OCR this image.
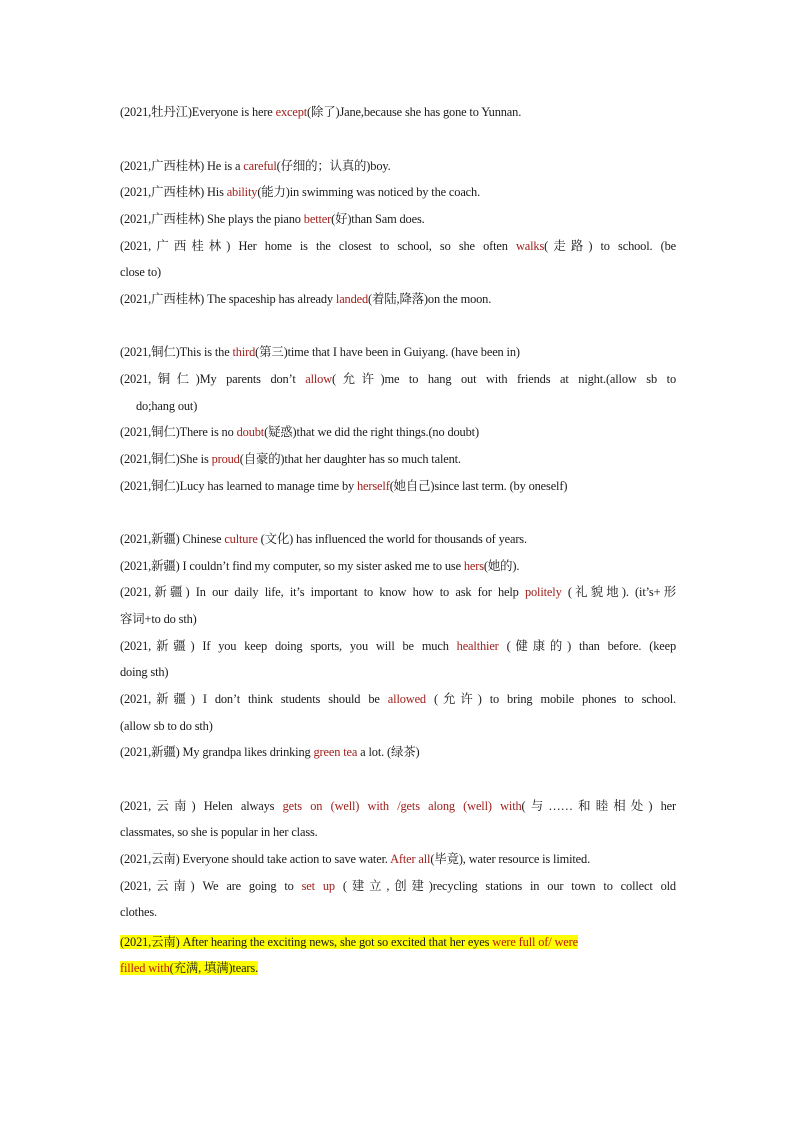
(2021,牡丹江)Everyone is here except(除了)Jane,because she has gone to Yunnan.
(2021,广西桂林) He is a careful(仔细的；认真的)boy.
(2021,广西桂林) His ability(能力)in swimming was noticed by the coach.
(2021,广西桂林) She plays the piano better(好)than Sam does.
(2021,广西桂林) Her home is the closest to school, so she often walks(走路) to school. (be
close to)
(2021,广西桂林) The spaceship has already landed(着陆,降落)on the moon.
(2021,铜仁)This is the third(第三)time that I have been in Guiyang. (have been in)
(2021,铜仁)My parents don’t allow(允许)me to hang out with friends at night.(allow sb to
do;hang out)
(2021,铜仁)There is no doubt(疑惑)that we did the right things.(no doubt)
(2021,铜仁)She is proud(自豪的)that her daughter has so much talent.
(2021,铜仁)Lucy has learned to manage time by herself(她自己)since last term. (by oneself)
(2021,新疆) Chinese culture (文化) has influenced the world for thousands of years.
(2021,新疆) I couldn’t find my computer, so my sister asked me to use hers(她的).
(2021,新疆) In our daily life, it’s important to know how to ask for help politely (礼貌地). (it’s+形
容词+to do sth)
(2021,新疆) If you keep doing sports, you will be much healthier (健康的) than before. (keep
doing sth)
(2021,新疆) I don’t think students should be allowed (允许) to bring mobile phones to school.
(allow sb to do sth)
(2021,新疆) My grandpa likes drinking green tea a lot. (绿茶)
(2021,云南) Helen always gets on (well) with /gets along (well) with(与……和睦相处) her
classmates, so she is popular in her class.
(2021,云南) Everyone should take action to save water. After all(毕竟), water resource is limited.
(2021,云南) We are going to set up (建立,创建)recycling stations in our town to collect old
clothes.
(2021,云南) After hearing the exciting news, she got so excited that her eyes were full of/ were
filled with(充满, 填满)tears.
